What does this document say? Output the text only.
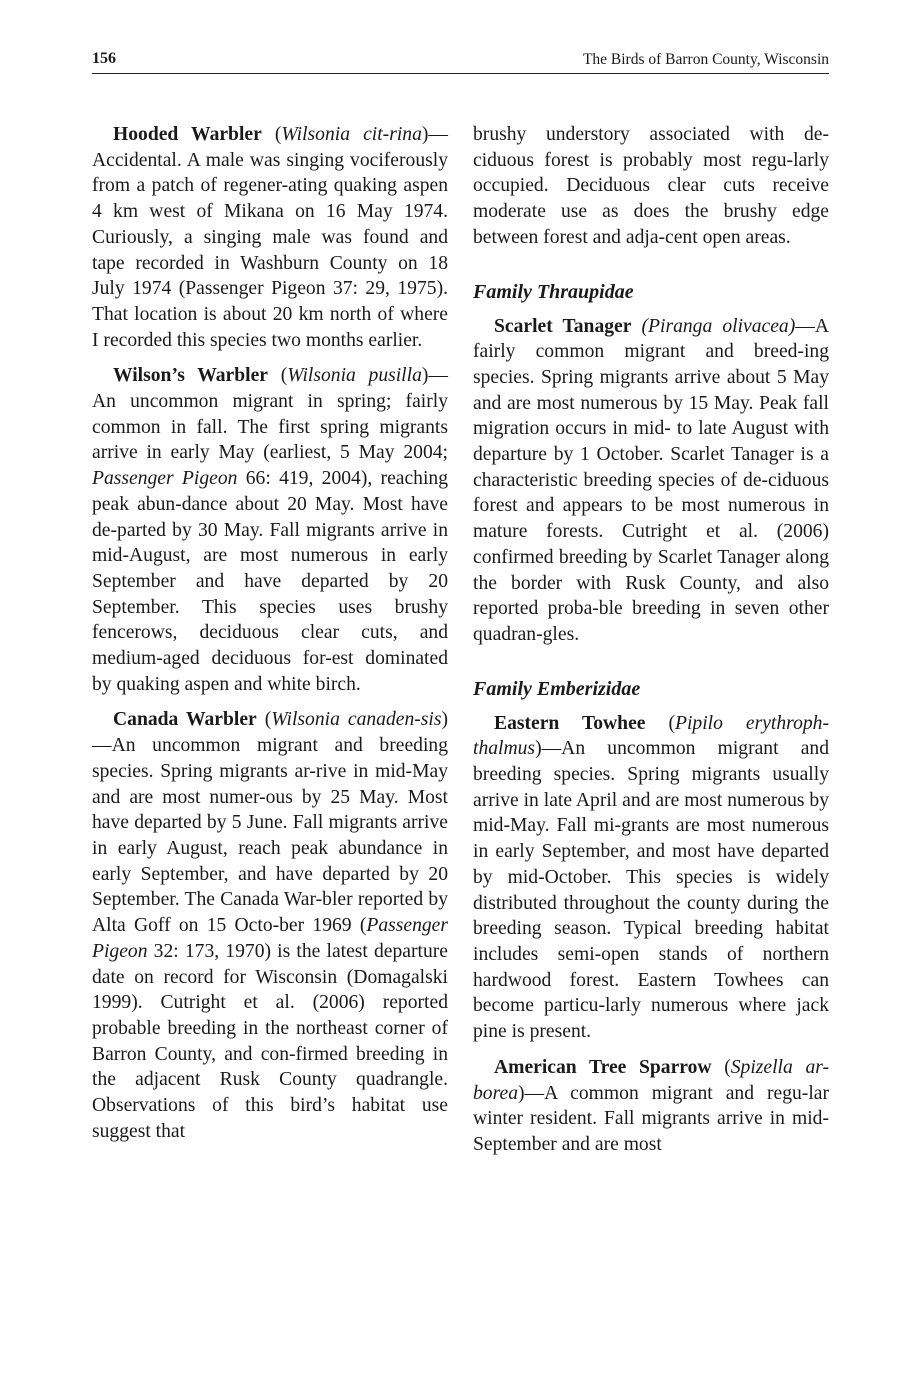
156	The Birds of Barron County, Wisconsin

Hooded Warbler (Wilsonia cit-rina)—Accidental. A male was singing vociferously from a patch of regener-ating quaking aspen 4 km west of Mikana on 16 May 1974. Curiously, a singing male was found and tape recorded in Washburn County on 18 July 1974 (Passenger Pigeon 37: 29, 1975). That location is about 20 km north of where I recorded this species two months earlier.

Wilson’s Warbler (Wilsonia pusilla)—An uncommon migrant in spring; fairly common in fall. The first spring migrants arrive in early May (earliest, 5 May 2004; Passenger Pigeon 66: 419, 2004), reaching peak abun-dance about 20 May. Most have de-parted by 30 May. Fall migrants arrive in mid-August, are most numerous in early September and have departed by 20 September. This species uses brushy fencerows, deciduous clear cuts, and medium-aged deciduous for-est dominated by quaking aspen and white birch.

Canada Warbler (Wilsonia canaden-sis)—An uncommon migrant and breeding species. Spring migrants ar-rive in mid-May and are most numer-ous by 25 May. Most have departed by 5 June. Fall migrants arrive in early August, reach peak abundance in early September, and have departed by 20 September. The Canada War-bler reported by Alta Goff on 15 Octo-ber 1969 (Passenger Pigeon 32: 173, 1970) is the latest departure date on record for Wisconsin (Domagalski 1999). Cutright et al. (2006) reported probable breeding in the northeast corner of Barron County, and con-firmed breeding in the adjacent Rusk County quadrangle. Observations of this bird’s habitat use suggest that

brushy understory associated with de-ciduous forest is probably most regu-larly occupied. Deciduous clear cuts receive moderate use as does the brushy edge between forest and adja-cent open areas.

Family Thraupidae

Scarlet Tanager (Piranga olivacea)—A fairly common migrant and breed-ing species. Spring migrants arrive about 5 May and are most numerous by 15 May. Peak fall migration occurs in mid- to late August with departure by 1 October. Scarlet Tanager is a characteristic breeding species of de-ciduous forest and appears to be most numerous in mature forests. Cutright et al. (2006) confirmed breeding by Scarlet Tanager along the border with Rusk County, and also reported proba-ble breeding in seven other quadran-gles.

Family Emberizidae

Eastern Towhee (Pipilo erythroph-thalmus)—An uncommon migrant and breeding species. Spring migrants usually arrive in late April and are most numerous by mid-May. Fall mi-grants are most numerous in early September, and most have departed by mid-October. This species is widely distributed throughout the county during the breeding season. Typical breeding habitat includes semi-open stands of northern hardwood forest. Eastern Towhees can become particu-larly numerous where jack pine is present.

American Tree Sparrow (Spizella ar-borea)—A common migrant and regu-lar winter resident. Fall migrants arrive in mid-September and are most
